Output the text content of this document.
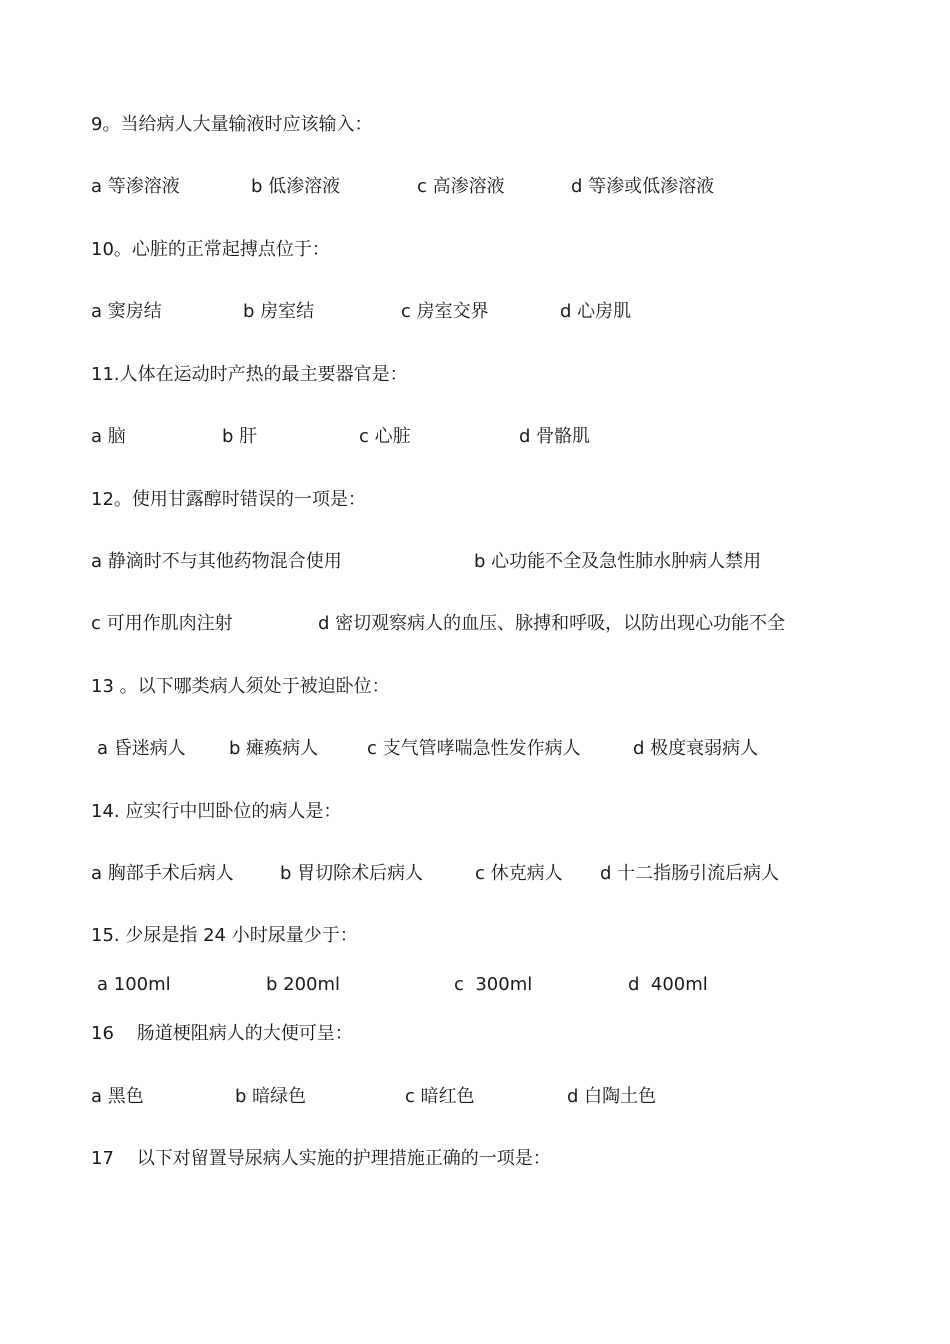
9。当给病人大量输液时应该输入：
a 等渗溶液	b 低渗溶液	c 高渗溶液	d 等渗或低渗溶液
10。心脏的正常起搏点位于：
a 窦房结	b 房室结	c 房室交界	d 心房肌
11.人体在运动时产热的最主要器官是：
a 脑	b 肝	c 心脏	d 骨骼肌
12。使用甘露醇时错误的一项是：
a 静滴时不与其他药物混合使用	b 心功能不全及急性肺水肿病人禁用
c 可用作肌肉注射	d 密切观察病人的血压、脉搏和呼吸，以防出现心功能不全
13 。以下哪类病人须处于被迫卧位：
a 昏迷病人 b 瘫痪病人	c 支气管哮喘急性发作病人	d 极度衰弱病人
14. 应实行中凹卧位的病人是：
a 胸部手术后病人	b 胃切除术后病人	c 休克病人 d 十二指肠引流后病人
15. 少尿是指 24 小时尿量少于：
a 100ml	b 200ml	c  300ml	d  400ml
16    肠道梗阻病人的大便可呈：
a 黑色	b 暗绿色	c 暗红色	d 白陶土色
17    以下对留置导尿病人实施的护理措施正确的一项是：
